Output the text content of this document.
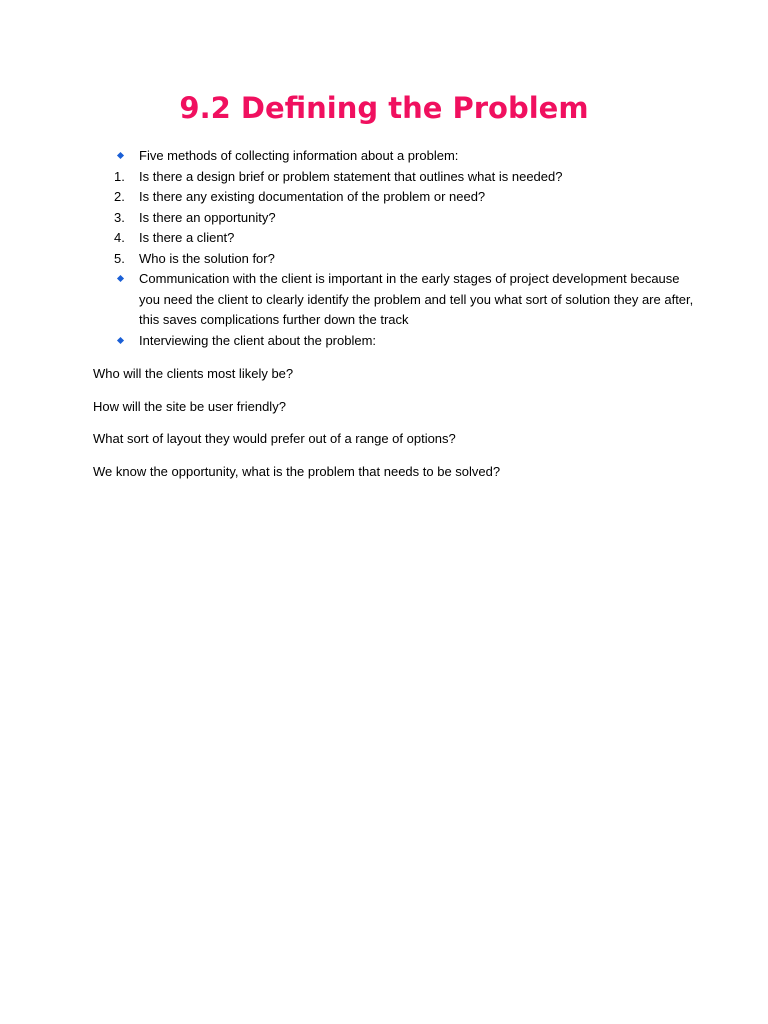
9.2 Defining the Problem
Five methods of collecting information about a problem:
1.	Is there a design brief or problem statement that outlines what is needed?
2.	Is there any existing documentation of the problem or need?
3.	Is there an opportunity?
4.	Is there a client?
5.	Who is the solution for?
Communication with the client is important in the early stages of project development because you need the client to clearly identify the problem and tell you what sort of solution they are after, this saves complications further down the track
Interviewing the client about the problem:

Who will the clients most likely be?

How will the site be user friendly?

What sort of layout they would prefer out of a range of options?

We know the opportunity, what is the problem that needs to be solved?
